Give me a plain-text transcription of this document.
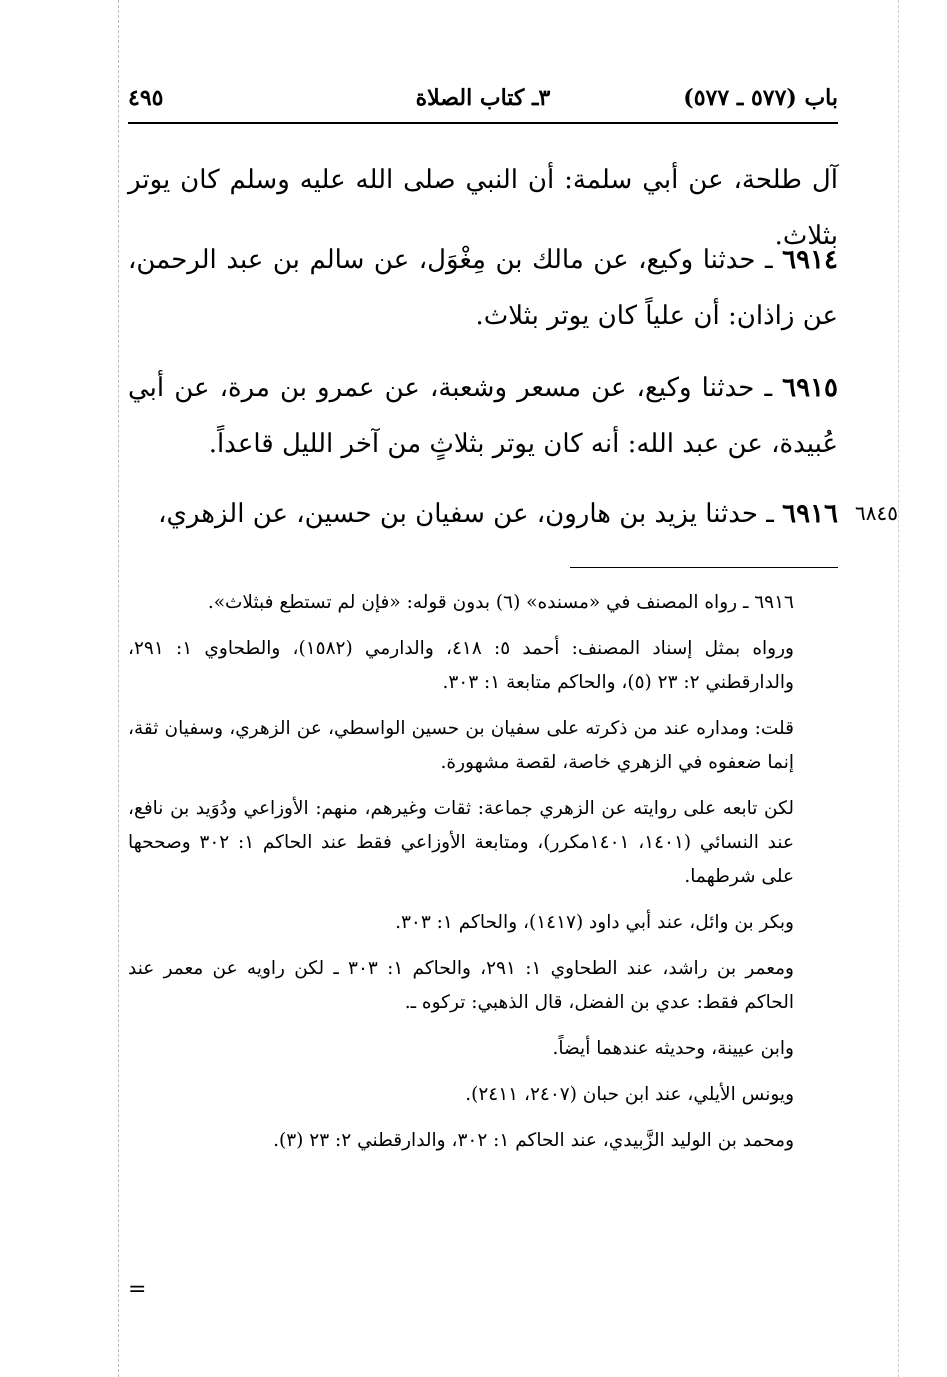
باب (٥٧٧ ـ ٥٧٧)
٣ـ كتاب الصلاة
٤٩٥

آل طلحة، عن أبي سلمة: أن النبي صلى الله عليه وسلم كان يوتر بثلاث.

٦٩١٤ ـ حدثنا وكيع، عن مالك بن مِغْوَل، عن سالم بن عبد الرحمن، عن زاذان: أن علياً كان يوتر بثلاث.

٦٩١٥ ـ حدثنا وكيع، عن مسعر وشعبة، عن عمرو بن مرة، عن أبي عُبيدة، عن عبد الله: أنه كان يوتر بثلاثٍ من آخر الليل قاعداً.

٦٩١٦ ـ حدثنا يزيد بن هارون، عن سفيان بن حسين، عن الزهري،	٦٨٤٥

٦٩١٦ ـ رواه المصنف في «مسنده» (٦) بدون قوله: «فإن لم تستطع فبثلاث».

ورواه بمثل إسناد المصنف: أحمد ٥: ٤١٨، والدارمي (١٥٨٢)، والطحاوي ١: ٢٩١، والدارقطني ٢: ٢٣ (٥)، والحاكم متابعة ١: ٣٠٣.

قلت: ومداره عند من ذكرته على سفيان بن حسين الواسطي، عن الزهري، وسفيان ثقة، إنما ضعفوه في الزهري خاصة، لقصة مشهورة.

لكن تابعه على روايته عن الزهري جماعة: ثقات وغيرهم، منهم: الأوزاعي ودُوَيد بن نافع، عند النسائي (١٤٠١، ١٤٠١مكرر)، ومتابعة الأوزاعي فقط عند الحاكم ١: ٣٠٢ وصححها على شرطهما.

وبكر بن وائل، عند أبي داود (١٤١٧)، والحاكم ١: ٣٠٣.

ومعمر بن راشد، عند الطحاوي ١: ٢٩١، والحاكم ١: ٣٠٣ ـ لكن راويه عن معمر عند الحاكم فقط: عدي بن الفضل، قال الذهبي: تركوه ـ.

وابن عيينة، وحديثه عندهما أيضاً.

ويونس الأيلي، عند ابن حبان (٢٤٠٧، ٢٤١١).

ومحمد بن الوليد الزَّبيدي، عند الحاكم ١: ٣٠٢، والدارقطني ٢: ٢٣ (٣).

=
